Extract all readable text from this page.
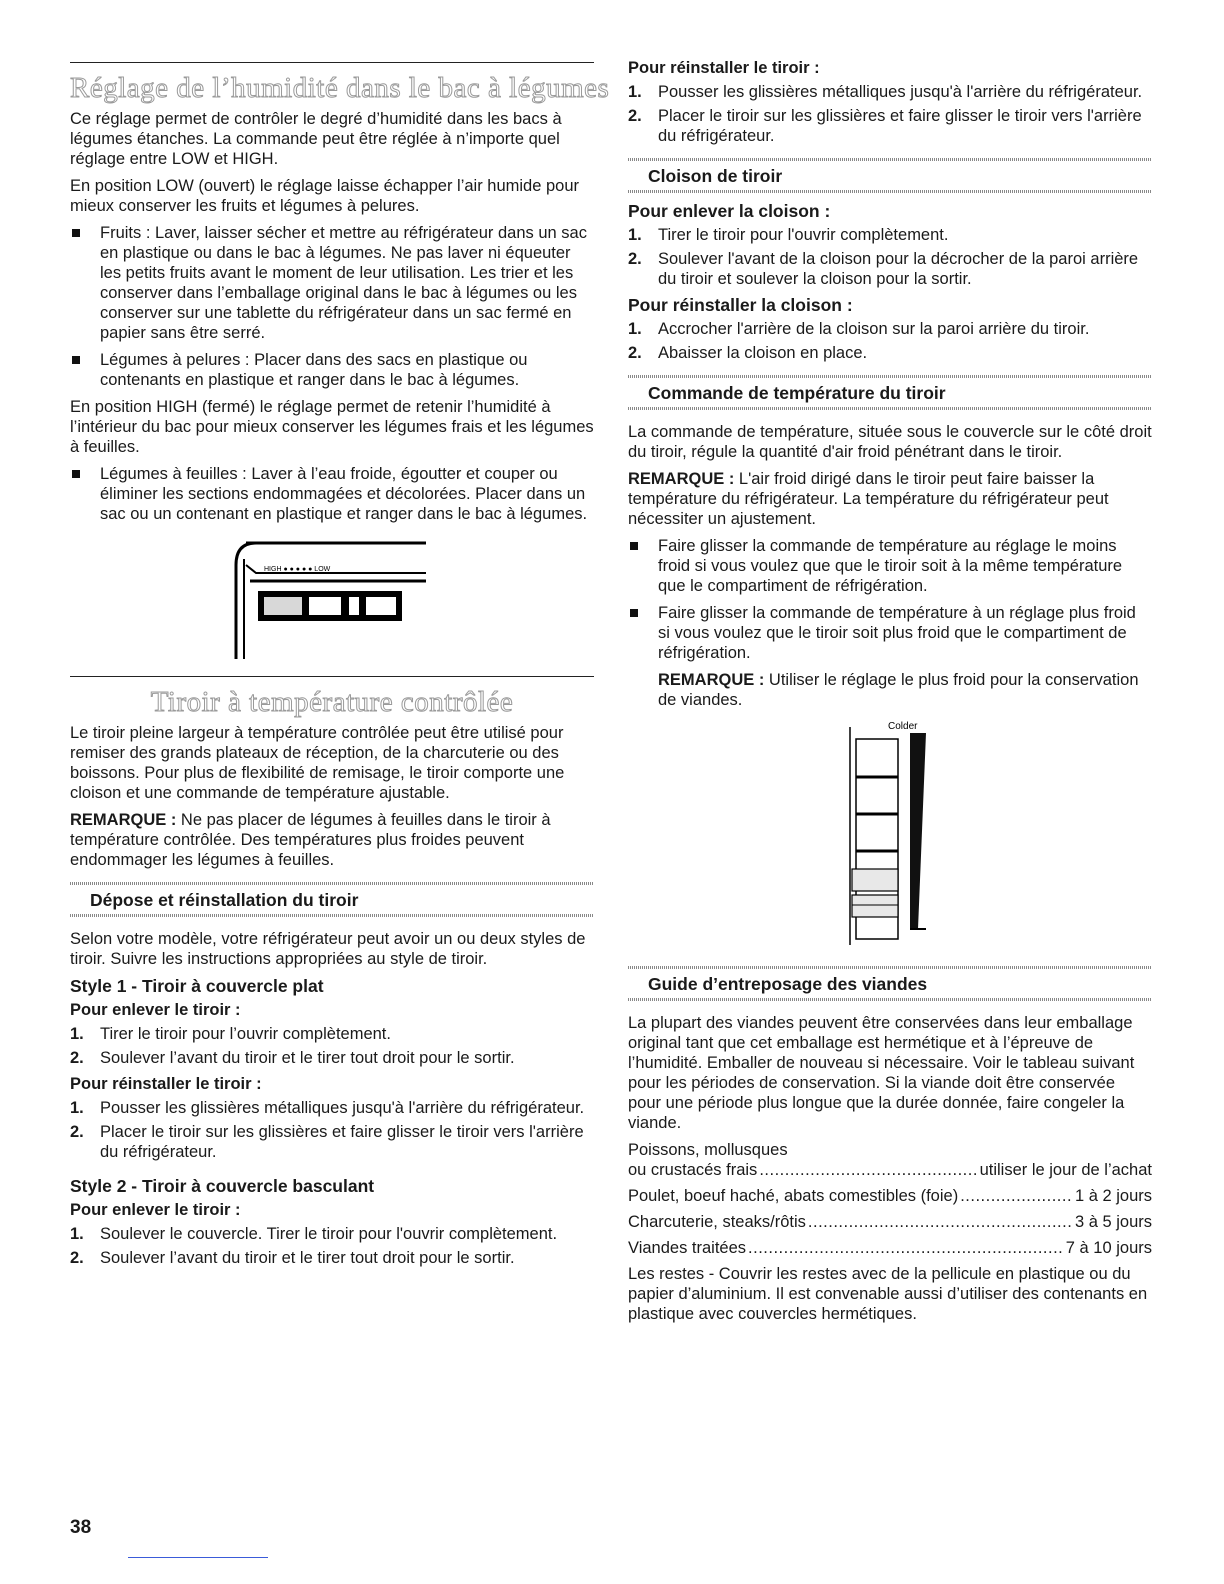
Réglage de l’humidité dans le bac à légumes

Ce réglage permet de contrôler le degré d’humidité dans les bacs à légumes étanches. La commande peut être réglée à n’importe quel réglage entre LOW et HIGH.

En position LOW (ouvert) le réglage laisse échapper l’air humide pour mieux conserver les fruits et légumes à pelures.

Fruits : Laver, laisser sécher et mettre au réfrigérateur dans un sac en plastique ou dans le bac à légumes. Ne pas laver ni équeuter les petits fruits avant le moment de leur utilisation. Les trier et les conserver dans l’emballage original dans le bac à légumes ou les conserver sur une tablette du réfrigérateur dans un sac fermé en papier sans être serré.
Légumes à pelures : Placer dans des sacs en plastique ou contenants en plastique et ranger dans le bac à légumes.

En position HIGH (fermé) le réglage permet de retenir l’humidité à l’intérieur du bac pour mieux conserver les légumes frais et les légumes à feuilles.

Légumes à feuilles : Laver à l’eau froide, égoutter et couper ou éliminer les sections endommagées et décolorées. Placer dans un sac ou un contenant en plastique et ranger dans le bac à légumes.
HIGH ● ● ● ● ● LOW
Tiroir à température contrôlée

Le tiroir pleine largeur à température contrôlée peut être utilisé pour remiser des grands plateaux de réception, de la charcuterie ou des boissons. Pour plus de flexibilité de remisage, le tiroir comporte une cloison et une commande de température ajustable.

REMARQUE : Ne pas placer de légumes à feuilles dans le tiroir à température contrôlée. Des températures plus froides peuvent endommager les légumes à feuilles.

Dépose et réinstallation du tiroir

Selon votre modèle, votre réfrigérateur peut avoir un ou deux styles de tiroir. Suivre les instructions appropriées au style de tiroir.

Style 1 - Tiroir à couvercle plat
Pour enlever le tiroir :
1. Tirer le tiroir pour l’ouvrir complètement.
2. Soulever l’avant du tiroir et le tirer tout droit pour le sortir.
Pour réinstaller le tiroir :
1. Pousser les glissières métalliques jusqu'à l'arrière du réfrigérateur.
2. Placer le tiroir sur les glissières et faire glisser le tiroir vers l'arrière du réfrigérateur.
Style 2 - Tiroir à couvercle basculant
Pour enlever le tiroir :
1. Soulever le couvercle. Tirer le tiroir pour l'ouvrir complètement.
2. Soulever l’avant du tiroir et le tirer tout droit pour le sortir.
Pour réinstaller le tiroir :
1. Pousser les glissières métalliques jusqu'à l'arrière du réfrigérateur.
2. Placer le tiroir sur les glissières et faire glisser le tiroir vers l'arrière du réfrigérateur.
Cloison de tiroir
Pour enlever la cloison :
1. Tirer le tiroir pour l'ouvrir complètement.
2. Soulever l'avant de la cloison pour la décrocher de la paroi arrière du tiroir et soulever la cloison pour la sortir.
Pour réinstaller la cloison :
1. Accrocher l'arrière de la cloison sur la paroi arrière du tiroir.
2. Abaisser la cloison en place.
Commande de température du tiroir

La commande de température, située sous le couvercle sur le côté droit du tiroir, régule la quantité d'air froid pénétrant dans le tiroir.

REMARQUE : L'air froid dirigé dans le tiroir peut faire baisser la température du réfrigérateur. La température du réfrigérateur peut nécessiter un ajustement.

Faire glisser la commande de température au réglage le moins froid si vous voulez que que le tiroir soit à la même température que le compartiment de réfrigération.
Faire glisser la commande de température à un réglage plus froid si vous voulez que le tiroir soit plus froid que le compartiment de réfrigération.

REMARQUE : Utiliser le réglage le plus froid pour la conservation de viandes.

Colder
Guide d’entreposage des viandes

La plupart des viandes peuvent être conservées dans leur emballage original tant que cet emballage est hermétique et à l’épreuve de l’humidité. Emballer de nouveau si nécessaire. Voir le tableau suivant pour les périodes de conservation. Si la viande doit être conservée pour une période plus longue que la durée donnée, faire congeler la viande.

Poissons, mollusques
ou crustacés frais .....	utiliser le jour de l’achat
Poulet, boeuf haché, abats comestibles (foie) .....	1 à 2 jours
Charcuterie, steaks/rôtis .....	3 à 5 jours
Viandes traitées .....	7 à 10 jours

Les restes - Couvrir les restes avec de la pellicule en plastique ou du papier d’aluminium. Il est convenable aussi d’utiliser des contenants en plastique avec couvercles hermétiques.

38
